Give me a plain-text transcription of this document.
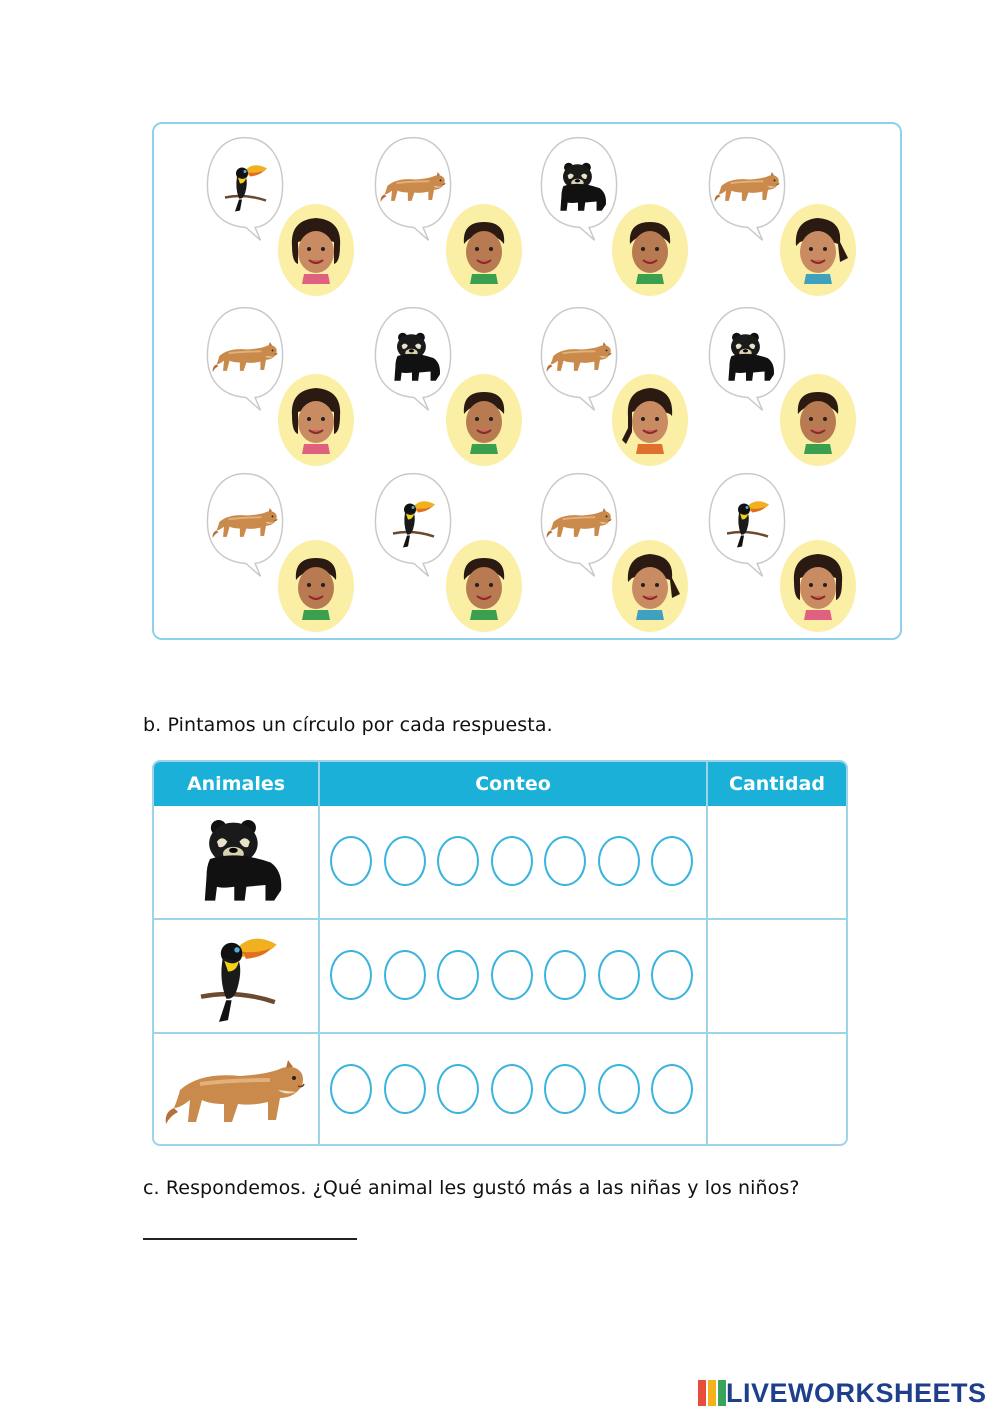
b. Pintamos un círculo por cada respuesta.
Animales	Conteo	Cantidad
c. Respondemos. ¿Qué animal les gustó más a las niñas y los niños?
LIVEWORKSHEETS
